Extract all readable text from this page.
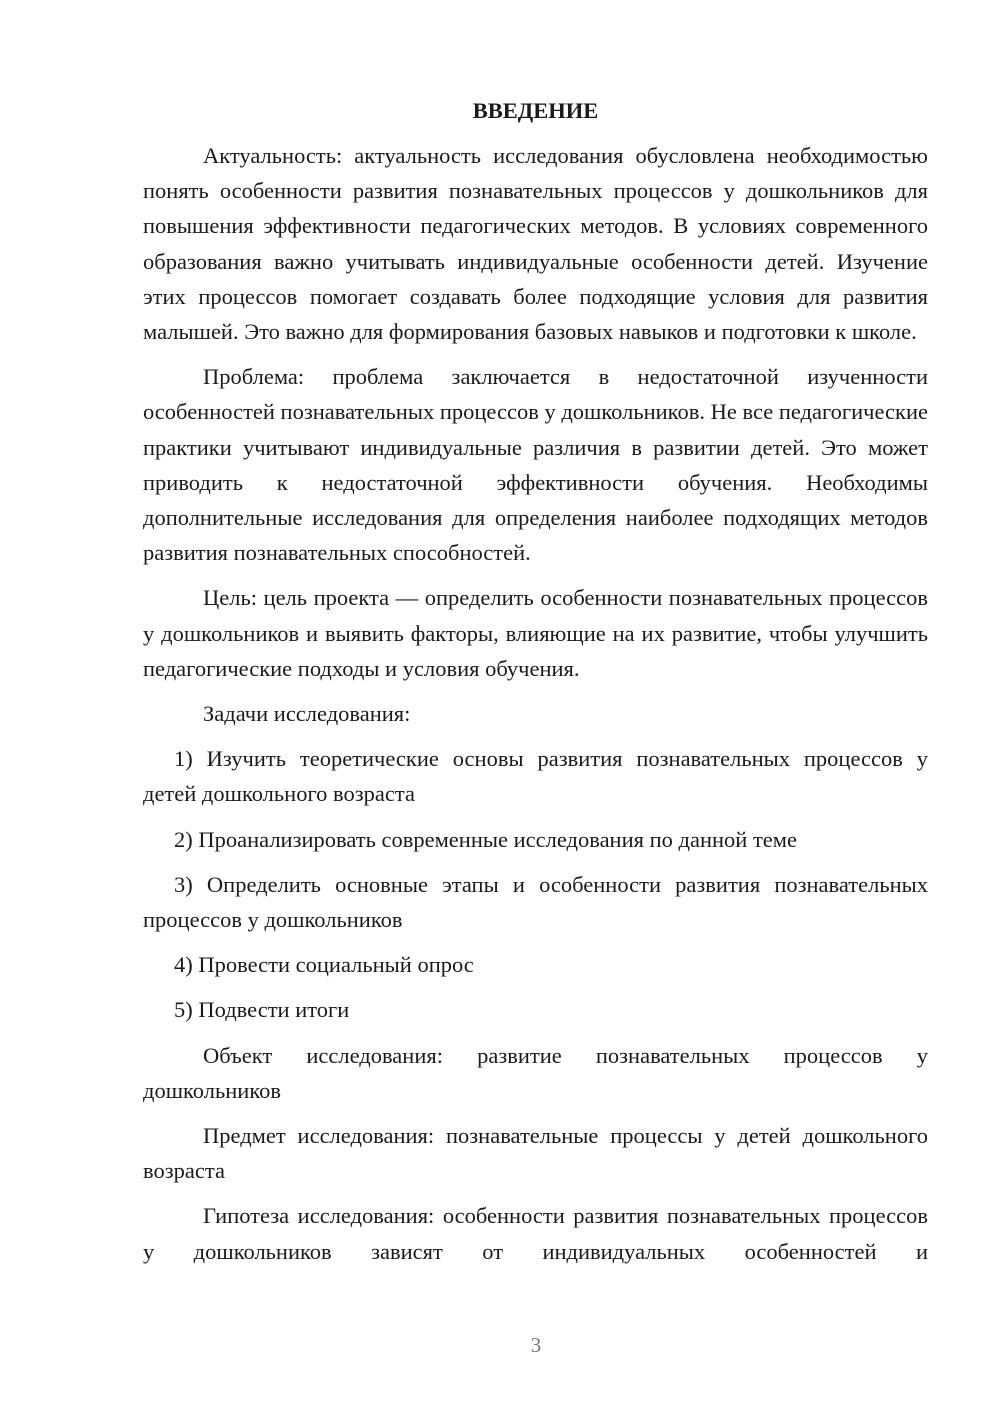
ВВЕДЕНИЕ

Актуальность: актуальность исследования обусловлена необходимостью понять особенности развития познавательных процессов у дошкольников для повышения эффективности педагогических методов. В условиях современного образования важно учитывать индивидуальные особенности детей. Изучение этих процессов помогает создавать более подходящие условия для развития малышей. Это важно для формирования базовых навыков и подготовки к школе.

Проблема: проблема заключается в недостаточной изученности особенностей познавательных процессов у дошкольников. Не все педагогические практики учитывают индивидуальные различия в развитии детей. Это может приводить к недостаточной эффективности обучения. Необходимы дополнительные исследования для определения наиболее подходящих методов развития познавательных способностей.

Цель: цель проекта — определить особенности познавательных процессов у дошкольников и выявить факторы, влияющие на их развитие, чтобы улучшить педагогические подходы и условия обучения.

Задачи исследования:

1) Изучить теоретические основы развития познавательных процессов у детей дошкольного возраста

2) Проанализировать современные исследования по данной теме

3) Определить основные этапы и особенности развития познавательных процессов у дошкольников

4) Провести социальный опрос

5) Подвести итоги

Объект исследования: развитие познавательных процессов у дошкольников

Предмет исследования: познавательные процессы у детей дошкольного возраста

Гипотеза исследования: особенности развития познавательных процессов у дошкольников зависят от индивидуальных особенностей и

3
